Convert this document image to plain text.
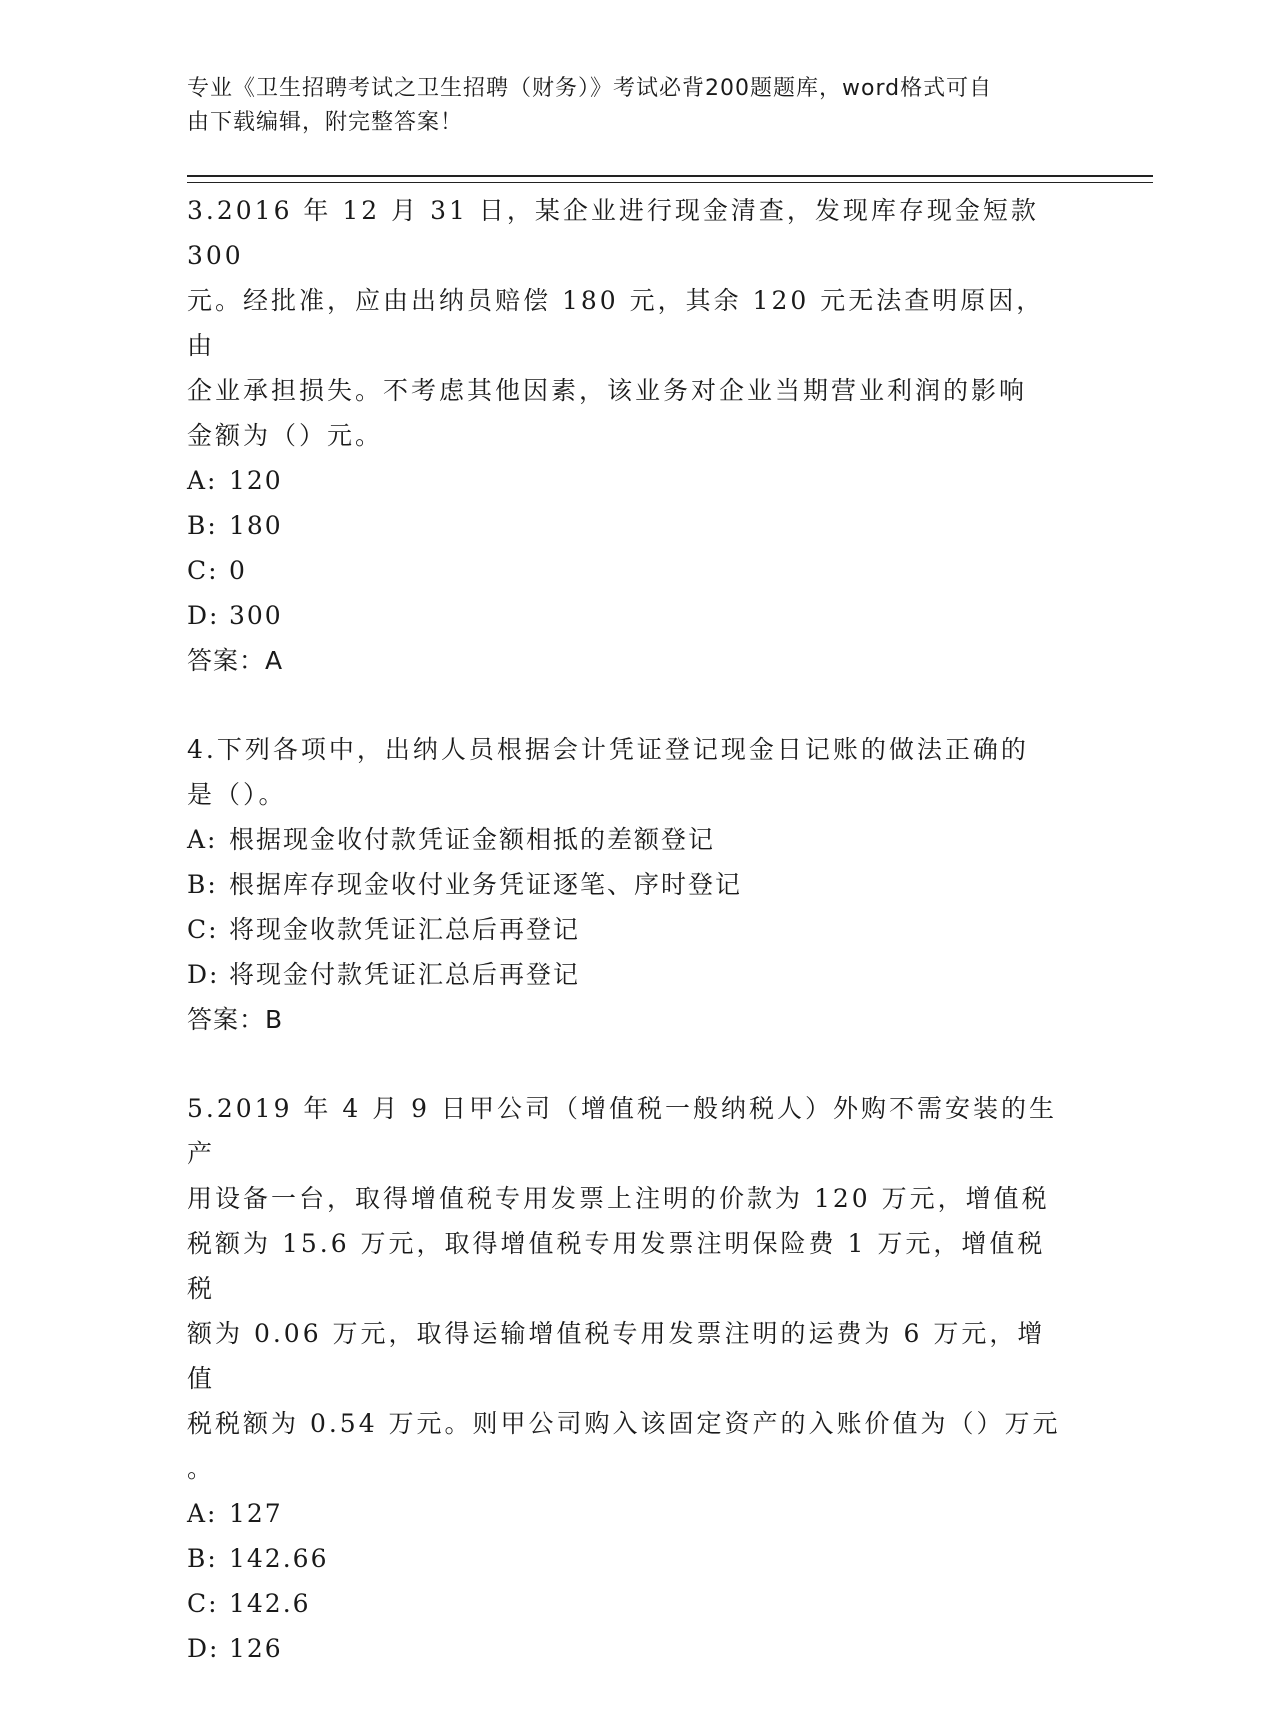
专业《卫生招聘考试之卫生招聘（财务）》考试必背200题题库，word格式可自
由下载编辑，附完整答案！

3.2016 年 12 月 31 日，某企业进行现金清查，发现库存现金短款 300

元。经批准，应由出纳员赔偿 180 元，其余 120 元无法查明原因，由

企业承担损失。不考虑其他因素，该业务对企业当期营业利润的影响

金额为（）元。

A: 120

B: 180

C: 0

D: 300

答案：A

4.下列各项中，出纳人员根据会计凭证登记现金日记账的做法正确的

是（）。

A: 根据现金收付款凭证金额相抵的差额登记

B: 根据库存现金收付业务凭证逐笔、序时登记

C: 将现金收款凭证汇总后再登记

D: 将现金付款凭证汇总后再登记

答案：B

5.2019 年 4 月 9 日甲公司（增值税一般纳税人）外购不需安装的生产

用设备一台，取得增值税专用发票上注明的价款为 120 万元，增值税

税额为 15.6 万元，取得增值税专用发票注明保险费 1 万元，增值税税

额为 0.06 万元，取得运输增值税专用发票注明的运费为 6 万元，增值

税税额为 0.54 万元。则甲公司购入该固定资产的入账价值为（）万元

。

A: 127

B: 142.66

C: 142.6

D: 126
